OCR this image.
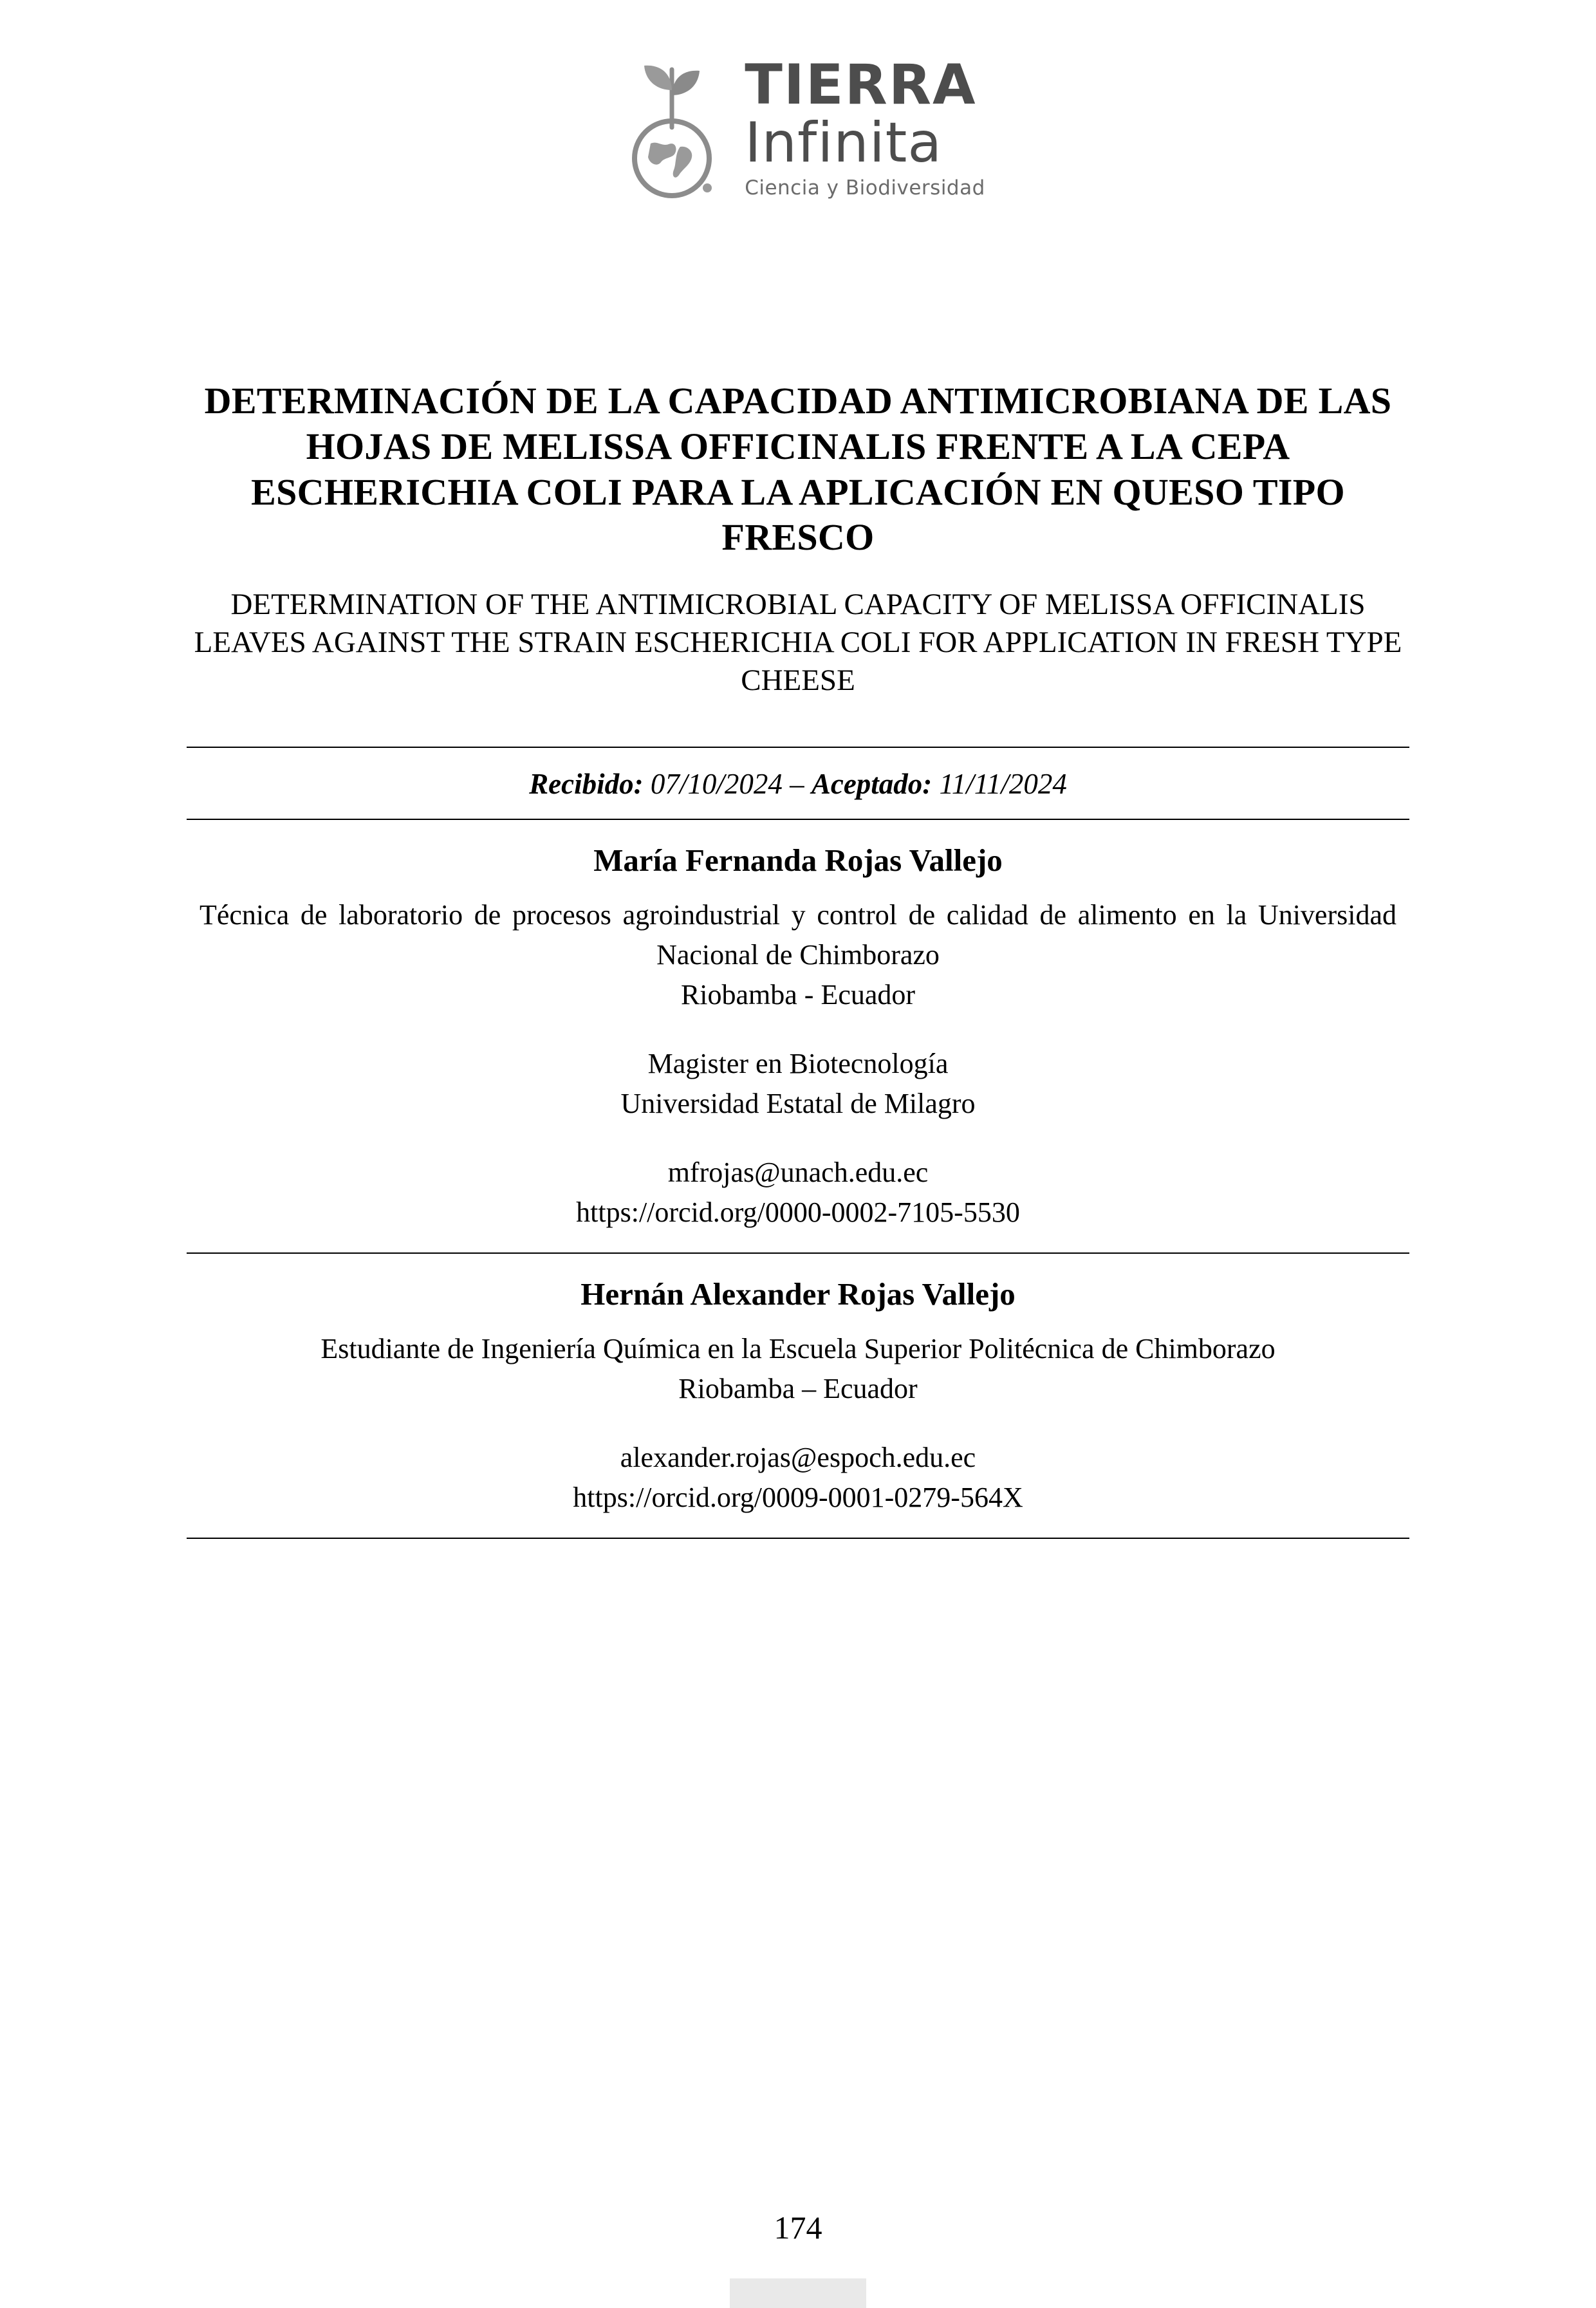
TIERRA
Infinita
Ciencia y Biodiversidad
DETERMINACIÓN DE LA CAPACIDAD ANTIMICROBIANA DE LAS HOJAS DE MELISSA OFFICINALIS FRENTE A LA CEPA ESCHERICHIA COLI PARA LA APLICACIÓN EN QUESO TIPO FRESCO
DETERMINATION OF THE ANTIMICROBIAL CAPACITY OF MELISSA OFFICINALIS LEAVES AGAINST THE STRAIN ESCHERICHIA COLI FOR APPLICATION IN FRESH TYPE CHEESE
Recibido: 07/10/2024 – Aceptado: 11/11/2024
María Fernanda Rojas Vallejo
Técnica de laboratorio de procesos agroindustrial y control de calidad de alimento en la Universidad Nacional de Chimborazo
Riobamba - Ecuador
Magister en Biotecnología
Universidad Estatal de Milagro
mfrojas@unach.edu.ec
https://orcid.org/0000-0002-7105-5530
Hernán Alexander Rojas Vallejo
Estudiante de Ingeniería Química en la Escuela Superior Politécnica de Chimborazo
Riobamba – Ecuador
alexander.rojas@espoch.edu.ec
https://orcid.org/0009-0001-0279-564X
174
